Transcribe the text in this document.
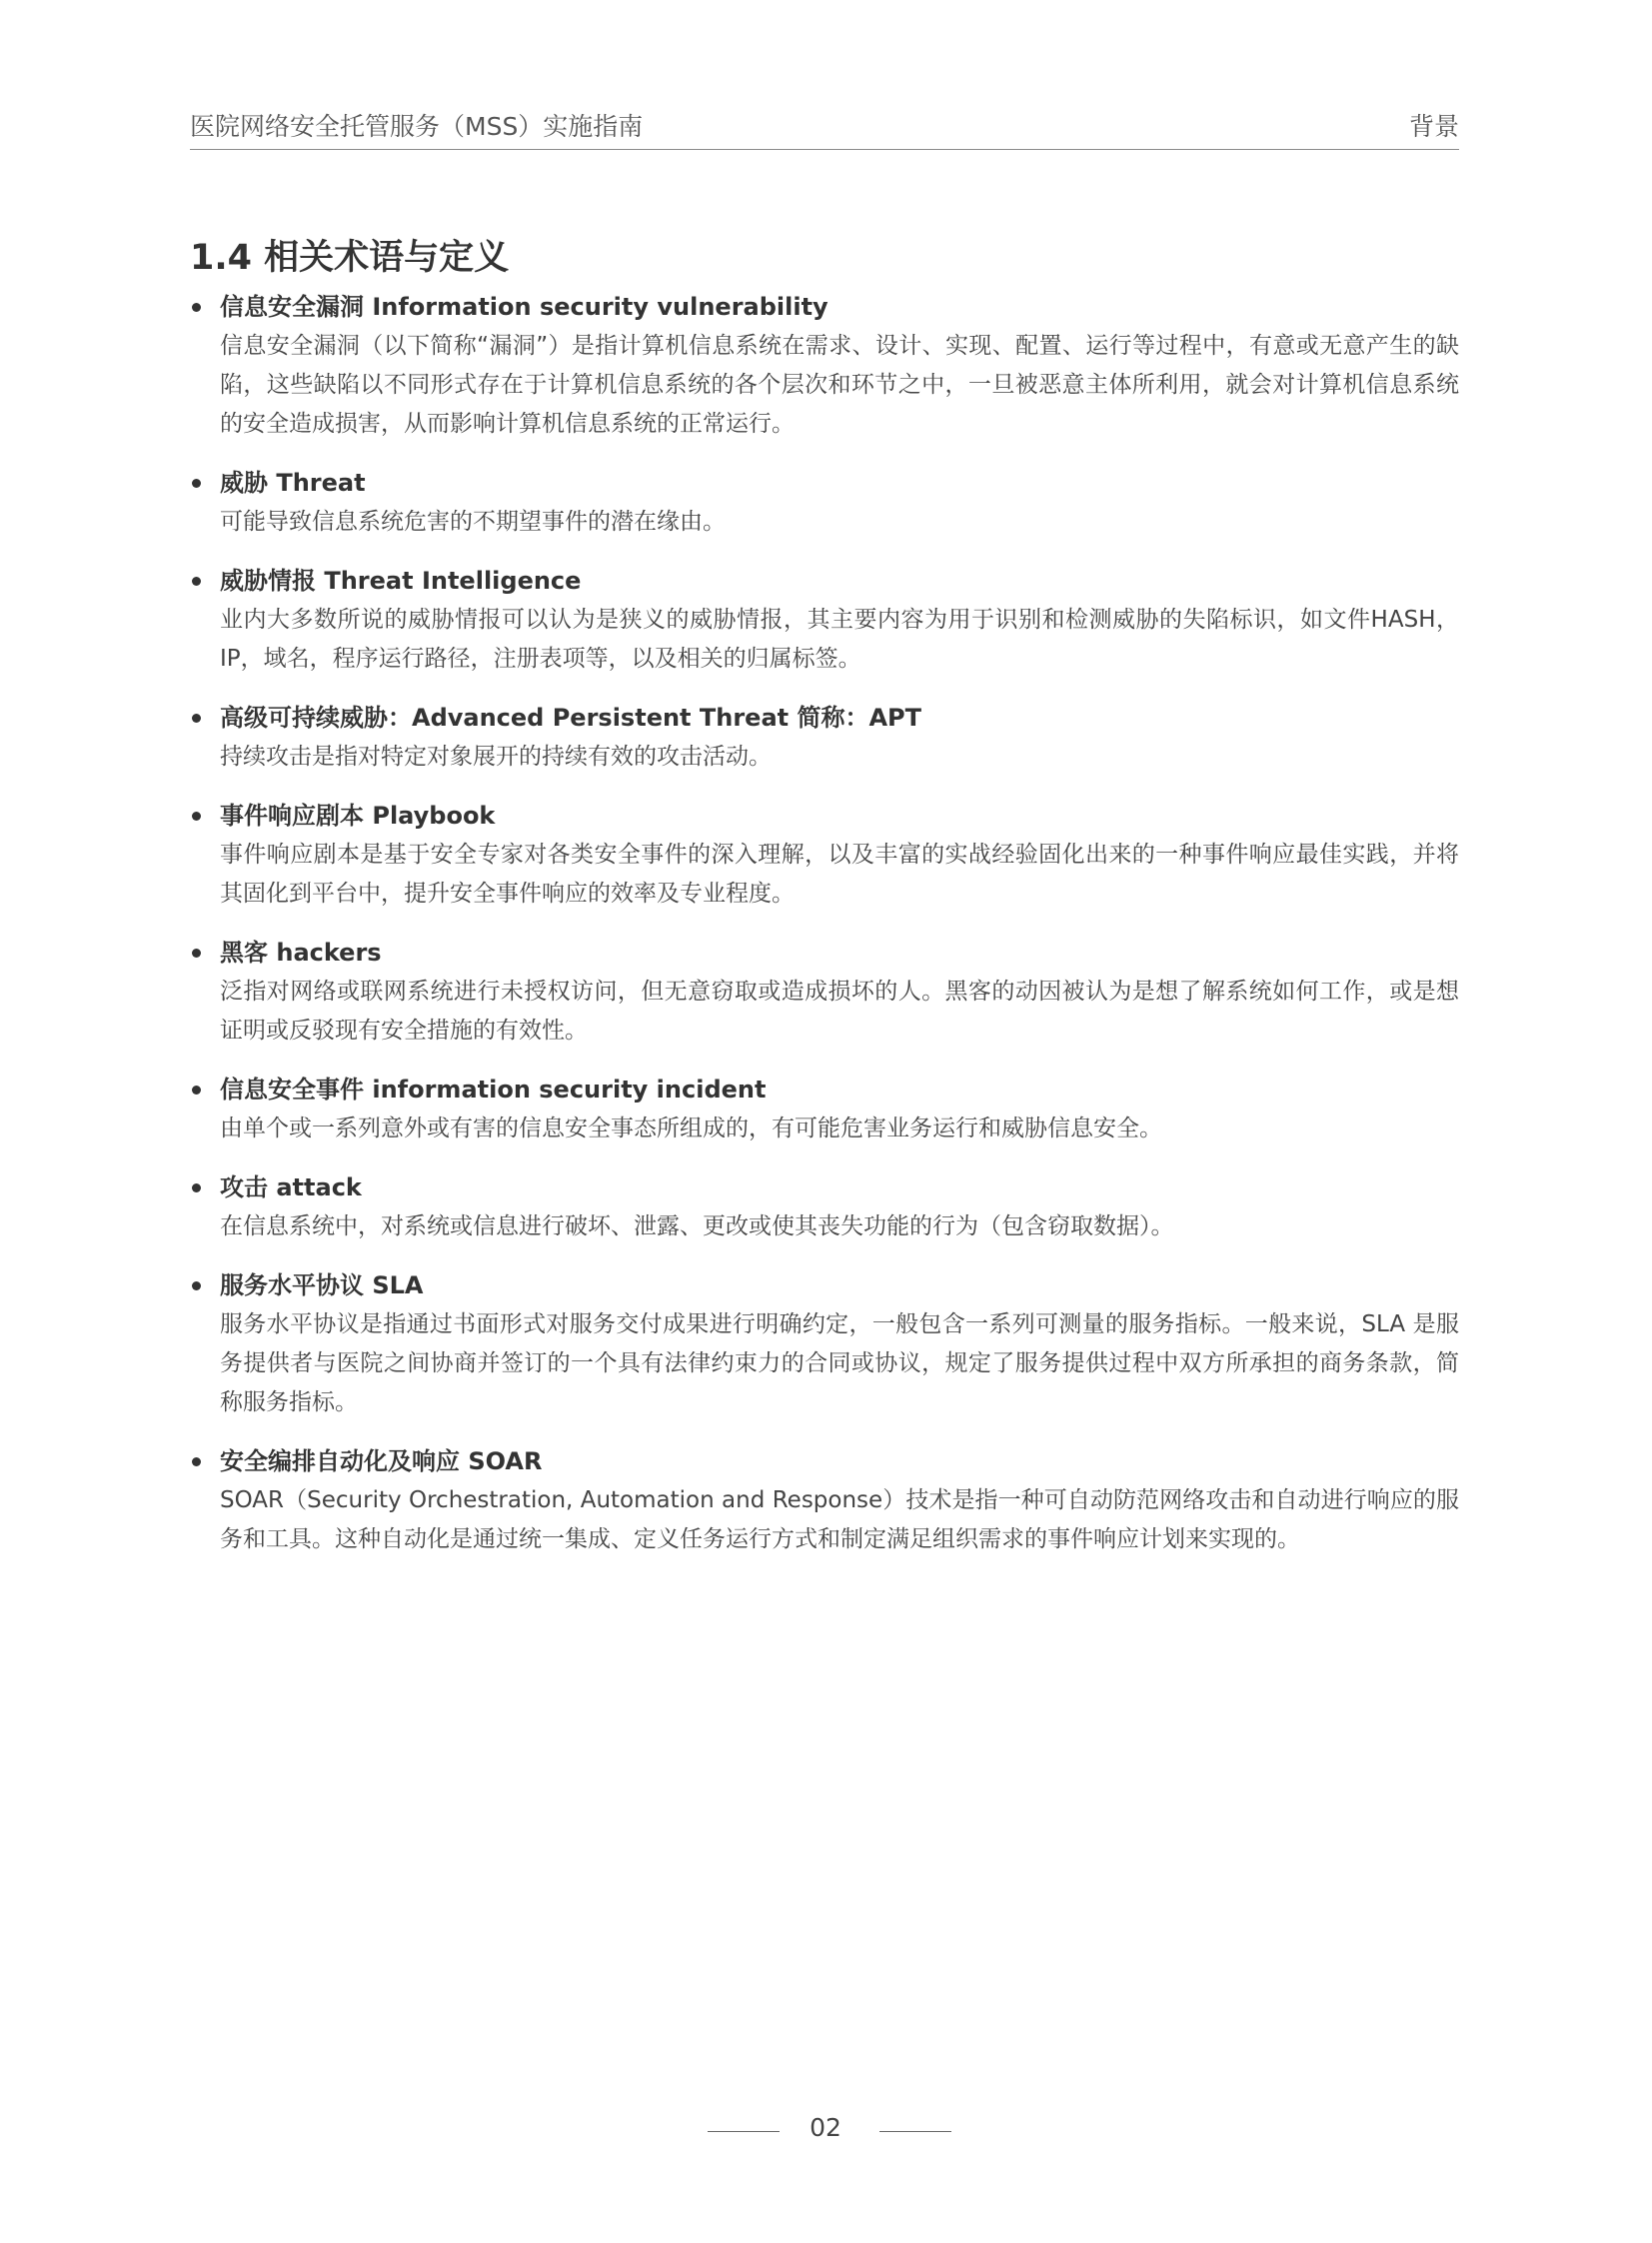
医院网络安全托管服务（MSS）实施指南	背景
1.4 相关术语与定义
信息安全漏洞 Information security vulnerability

信息安全漏洞（以下简称“漏洞”）是指计算机信息系统在需求、设计、实现、配置、运行等过程中，有意或无意产生的缺陷，这些缺陷以不同形式存在于计算机信息系统的各个层次和环节之中，一旦被恶意主体所利用，就会对计算机信息系统的安全造成损害，从而影响计算机信息系统的正常运行。

威胁 Threat

可能导致信息系统危害的不期望事件的潜在缘由。

威胁情报 Threat Intelligence

业内大多数所说的威胁情报可以认为是狭义的威胁情报，其主要内容为用于识别和检测威胁的失陷标识，如文件HASH，IP，域名，程序运行路径，注册表项等，以及相关的归属标签。

高级可持续威胁：Advanced Persistent Threat 简称：APT

持续攻击是指对特定对象展开的持续有效的攻击活动。

事件响应剧本 Playbook

事件响应剧本是基于安全专家对各类安全事件的深入理解，以及丰富的实战经验固化出来的一种事件响应最佳实践，并将其固化到平台中，提升安全事件响应的效率及专业程度。

黑客 hackers

泛指对网络或联网系统进行未授权访问，但无意窃取或造成损坏的人。黑客的动因被认为是想了解系统如何工作，或是想证明或反驳现有安全措施的有效性。

信息安全事件 information security incident

由单个或一系列意外或有害的信息安全事态所组成的，有可能危害业务运行和威胁信息安全。

攻击 attack

在信息系统中，对系统或信息进行破坏、泄露、更改或使其丧失功能的行为（包含窃取数据）。

服务水平协议 SLA

服务水平协议是指通过书面形式对服务交付成果进行明确约定，一般包含一系列可测量的服务指标。一般来说，SLA 是服务提供者与医院之间协商并签订的一个具有法律约束力的合同或协议，规定了服务提供过程中双方所承担的商务条款，简称服务指标。

安全编排自动化及响应 SOAR

SOAR（Security Orchestration, Automation and Response）技术是指一种可自动防范网络攻击和自动进行响应的服务和工具。这种自动化是通过统一集成、定义任务运行方式和制定满足组织需求的事件响应计划来实现的。

02
